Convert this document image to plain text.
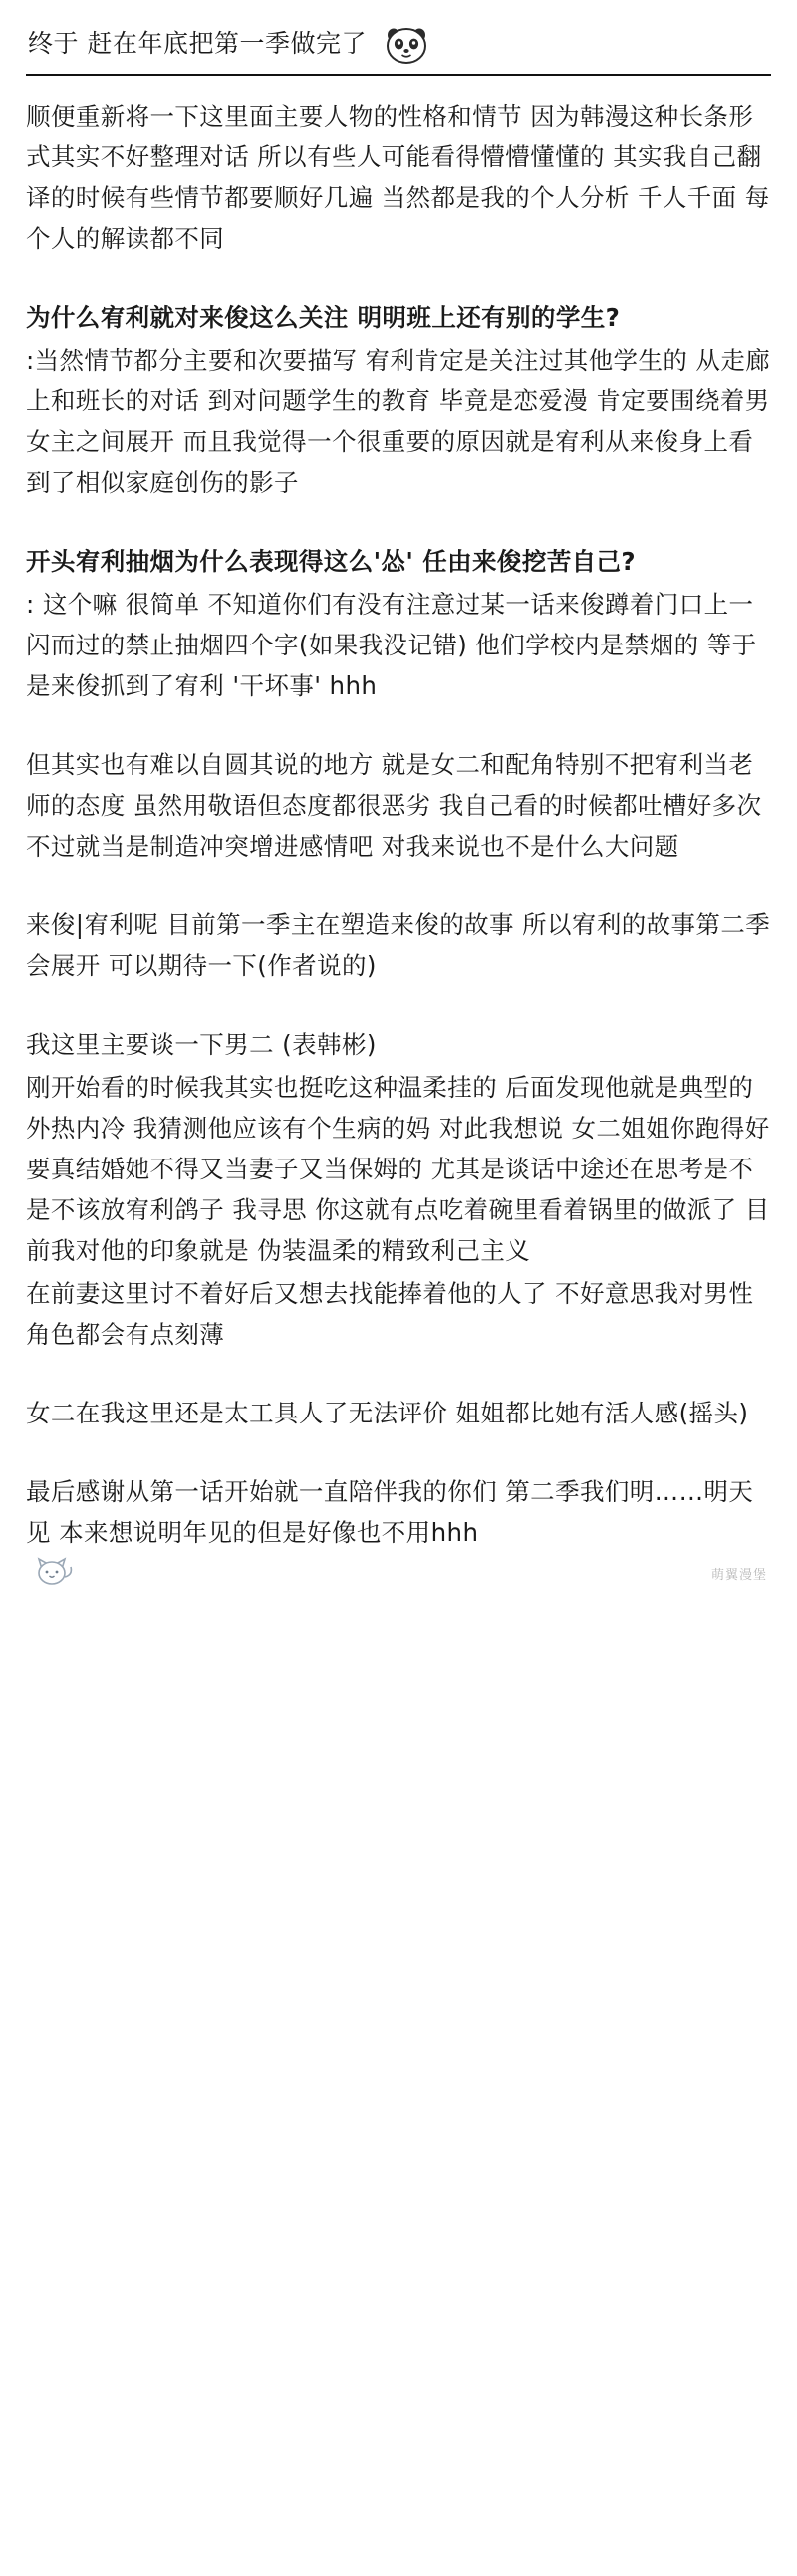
终于 赶在年底把第一季做完了

顺便重新将一下这里面主要人物的性格和情节 因为韩漫这种长条形式其实不好整理对话 所以有些人可能看得懵懵懂懂的 其实我自己翻译的时候有些情节都要顺好几遍 当然都是我的个人分析 千人千面 每个人的解读都不同

为什么宥利就对来俊这么关注 明明班上还有别的学生?

:当然情节都分主要和次要描写 宥利肯定是关注过其他学生的 从走廊上和班长的对话 到对问题学生的教育 毕竟是恋爱漫 肯定要围绕着男女主之间展开 而且我觉得一个很重要的原因就是宥利从来俊身上看到了相似家庭创伤的影子

开头宥利抽烟为什么表现得这么'怂' 任由来俊挖苦自己?

: 这个嘛 很简单 不知道你们有没有注意过某一话来俊蹲着门口上一闪而过的禁止抽烟四个字(如果我没记错) 他们学校内是禁烟的 等于是来俊抓到了宥利 '干坏事' hhh

但其实也有难以自圆其说的地方 就是女二和配角特别不把宥利当老师的态度 虽然用敬语但态度都很恶劣 我自己看的时候都吐槽好多次 不过就当是制造冲突增进感情吧 对我来说也不是什么大问题

来俊|宥利呢 目前第一季主在塑造来俊的故事 所以宥利的故事第二季会展开 可以期待一下(作者说的)

我这里主要谈一下男二 (表韩彬)

刚开始看的时候我其实也挺吃这种温柔挂的 后面发现他就是典型的外热内冷 我猜测他应该有个生病的妈 对此我想说 女二姐姐你跑得好 要真结婚她不得又当妻子又当保姆的 尤其是谈话中途还在思考是不是不该放宥利鸽子 我寻思 你这就有点吃着碗里看着锅里的做派了 目前我对他的印象就是 伪装温柔的精致利己主义

在前妻这里讨不着好后又想去找能捧着他的人了 不好意思我对男性角色都会有点刻薄

女二在我这里还是太工具人了无法评价 姐姐都比她有活人感(摇头)

最后感谢从第一话开始就一直陪伴我的你们 第二季我们明……明天见 本来想说明年见的但是好像也不用hhh

萌翼漫堡
